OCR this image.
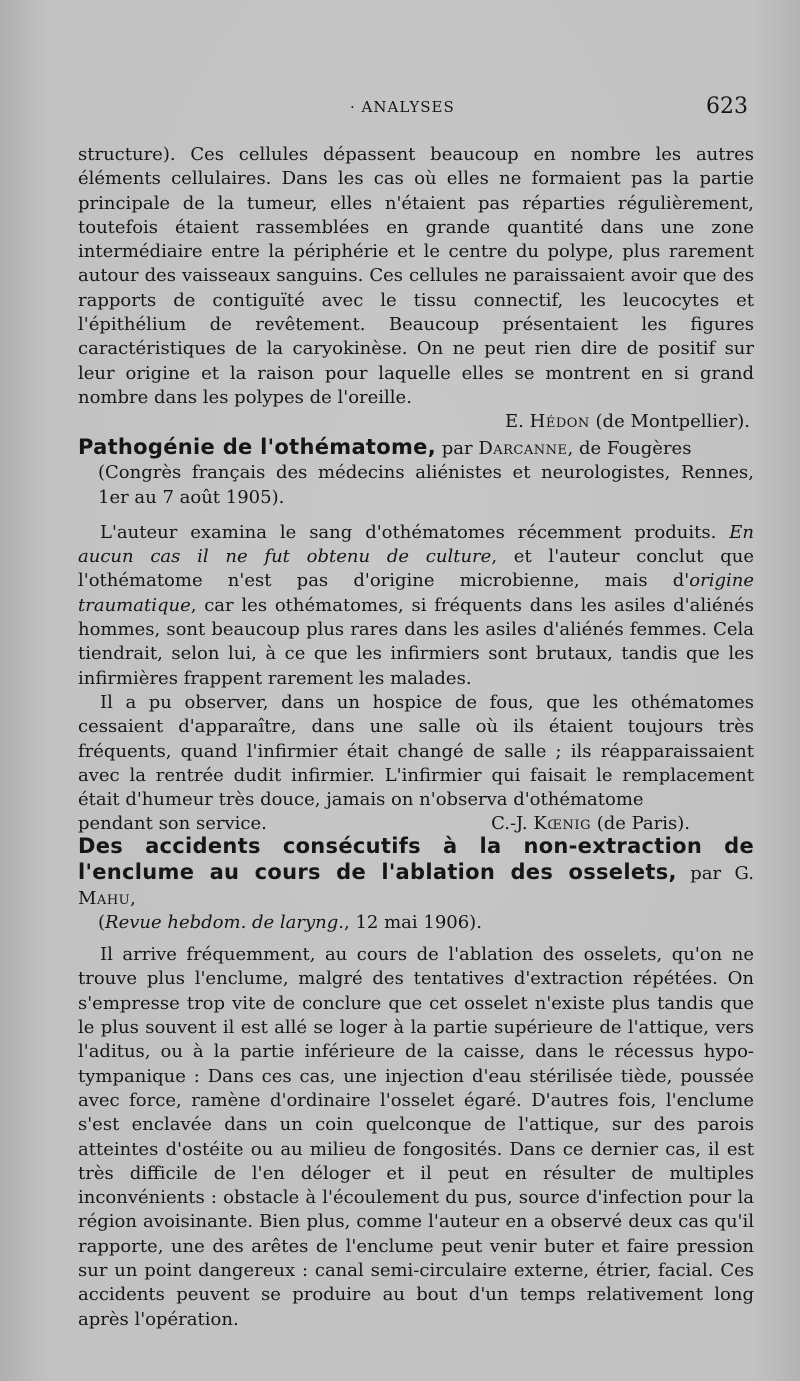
· ANALYSES	623

structure). Ces cellules dépassent beaucoup en nombre les autres éléments cellulaires. Dans les cas où elles ne formaient pas la partie principale de la tumeur, elles n'étaient pas réparties régulièrement, toutefois étaient rassemblées en grande quantité dans une zone intermédiaire entre la périphérie et le centre du polype, plus rarement autour des vaisseaux sanguins. Ces cellules ne paraissaient avoir que des rapports de contiguïté avec le tissu connectif, les leucocytes et l'épithélium de revêtement. Beaucoup présentaient les figures caractéristiques de la caryokinèse. On ne peut rien dire de positif sur leur origine et la raison pour laquelle elles se montrent en si grand nombre dans les polypes de l'oreille.

E. Hédon (de Montpellier).

Pathogénie de l'othématome, par Darcanne, de Fougères

(Congrès français des médecins aliénistes et neurologistes, Rennes, 1er au 7 août 1905).

L'auteur examina le sang d'othématomes récemment produits. En aucun cas il ne fut obtenu de culture, et l'auteur conclut que l'othématome n'est pas d'origine microbienne, mais d'origine traumatique, car les othématomes, si fréquents dans les asiles d'aliénés hommes, sont beaucoup plus rares dans les asiles d'aliénés femmes. Cela tiendrait, selon lui, à ce que les infirmiers sont brutaux, tandis que les infirmières frappent rarement les malades.

Il a pu observer, dans un hospice de fous, que les othématomes cessaient d'apparaître, dans une salle où ils étaient toujours très fréquents, quand l'infirmier était changé de salle ; ils réapparaissaient avec la rentrée dudit infirmier. L'infirmier qui faisait le remplacement était d'humeur très douce, jamais on n'observa d'othématome

pendant son service.	C.-J. Kœnig (de Paris).

Des accidents consécutifs à la non-extraction de l'enclume au cours de l'ablation des osselets, par G. Mahu,

(Revue hebdom. de laryng., 12 mai 1906).

Il arrive fréquemment, au cours de l'ablation des osselets, qu'on ne trouve plus l'enclume, malgré des tentatives d'extraction répétées. On s'empresse trop vite de conclure que cet osselet n'existe plus tandis que le plus souvent il est allé se loger à la partie supérieure de l'attique, vers l'aditus, ou à la partie inférieure de la caisse, dans le récessus hypo-tympanique : Dans ces cas, une injection d'eau stérilisée tiède, poussée avec force, ramène d'ordinaire l'osselet égaré. D'autres fois, l'enclume s'est enclavée dans un coin quelconque de l'attique, sur des parois atteintes d'ostéite ou au milieu de fongosités. Dans ce dernier cas, il est très difficile de l'en déloger et il peut en résulter de multiples inconvénients : obstacle à l'écoulement du pus, source d'infection pour la région avoisinante. Bien plus, comme l'auteur en a observé deux cas qu'il rapporte, une des arêtes de l'enclume peut venir buter et faire pression sur un point dangereux : canal semi-circulaire externe, étrier, facial. Ces accidents peuvent se produire au bout d'un temps relativement long après l'opération.
